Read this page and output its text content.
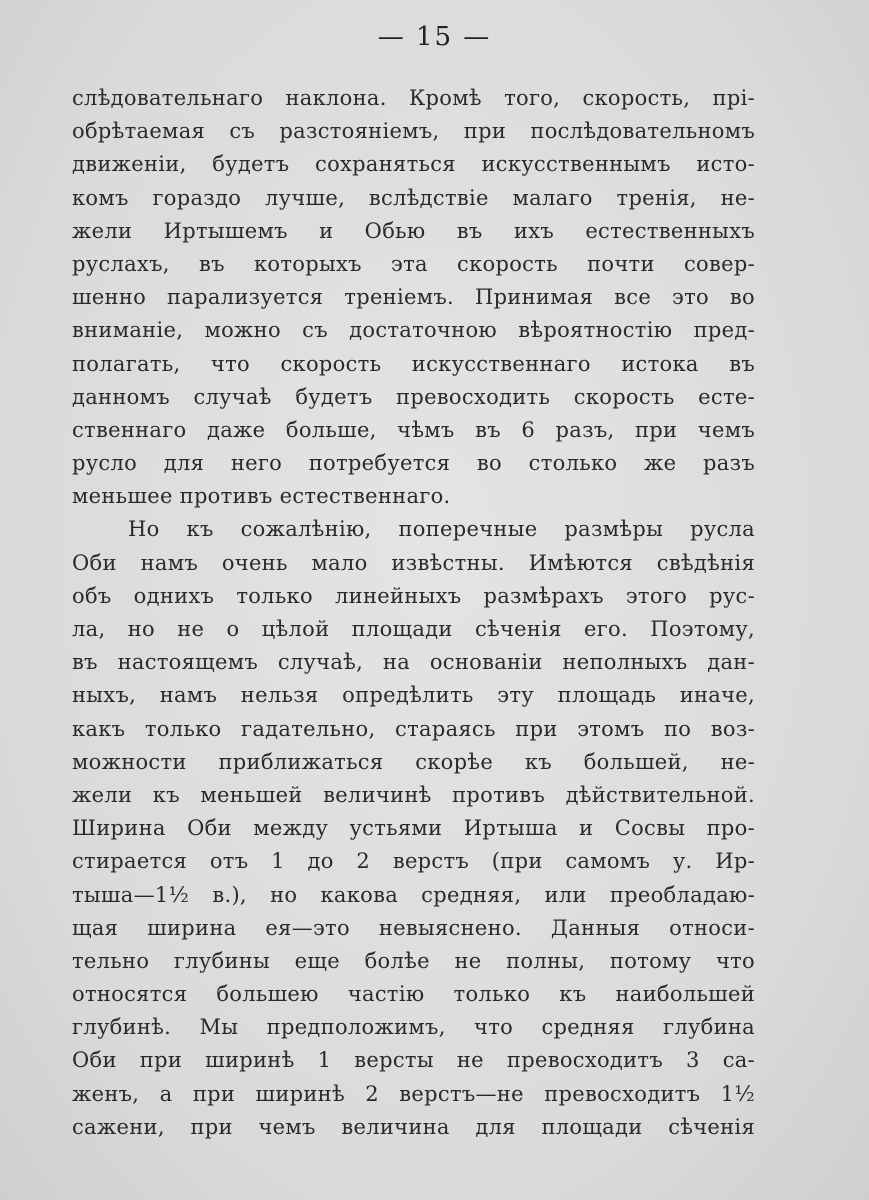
— 15 —
слѣдовательнаго наклона. Кромѣ того, скорость, прі-
обрѣтаемая съ разстояніемъ, при послѣдовательномъ
движеніи, будетъ сохраняться искусственнымъ исто-
комъ гораздо лучше, вслѣдствіе малаго тренія, не-
жели Иртышемъ и Обью въ ихъ естественныхъ
руслахъ, въ которыхъ эта скорость почти совер-
шенно парализуется треніемъ. Принимая все это во
вниманіе, можно съ достаточною вѣроятностію пред-
полагать, что скорость искусственнаго истока въ
данномъ случаѣ будетъ превосходить скорость есте-
ственнаго даже больше, чѣмъ въ 6 разъ, при чемъ
русло для него потребуется во столько же разъ
меньшее противъ естественнаго.
Но къ сожалѣнію, поперечные размѣры русла
Оби намъ очень мало извѣстны. Имѣются свѣдѣнія
объ однихъ только линейныхъ размѣрахъ этого рус-
ла, но не о цѣлой площади сѣченія его. Поэтому,
въ настоящемъ случаѣ, на основаніи неполныхъ дан-
ныхъ, намъ нельзя опредѣлить эту площадь иначе,
какъ только гадательно, стараясь при этомъ по воз-
можности приближаться скорѣе къ большей, не-
жели къ меньшей величинѣ противъ дѣйствительной.
Ширина Оби между устьями Иртыша и Сосвы про-
стирается отъ 1 до 2 верстъ (при самомъ у. Ир-
тыша—1½ в.), но какова средняя, или преобладаю-
щая ширина ея—это невыяснено. Данныя относи-
тельно глубины еще болѣе не полны, потому что
относятся большею частію только къ наибольшей
глубинѣ. Мы предположимъ, что средняя глубина
Оби при ширинѣ 1 версты не превосходитъ 3 са-
женъ, а при ширинѣ 2 верстъ—не превосходитъ 1½
сажени, при чемъ величина для площади сѣченія
